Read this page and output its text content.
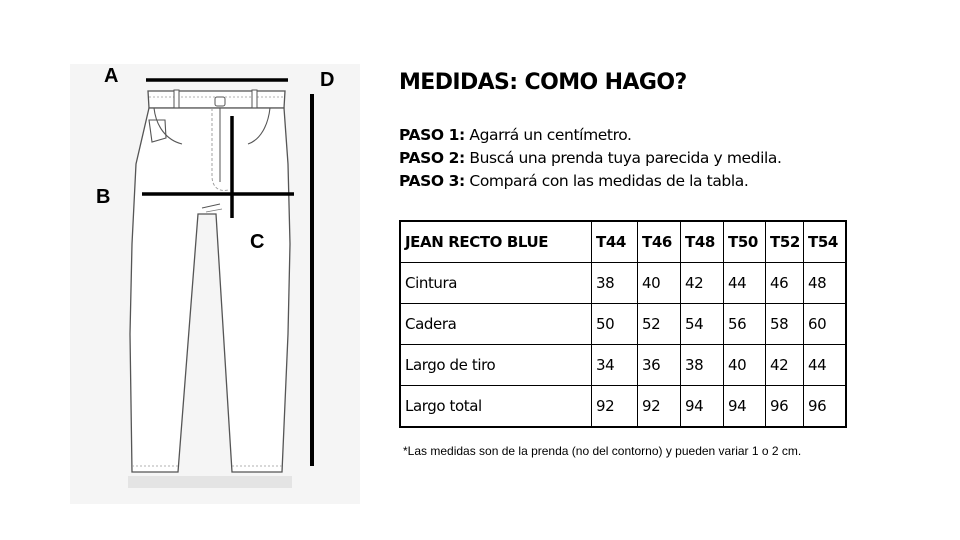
A	D
B
C
MEDIDAS: COMO HAGO?
PASO 1: Agarrá un centímetro.
PASO 2: Buscá una prenda tuya parecida y medila.
PASO 3: Compará con las medidas de la tabla.
JEAN RECTO BLUE	T44	T46	T48	T50	T52	T54
Cintura	38	40	42	44	46	48
Cadera	50	52	54	56	58	60
Largo de tiro	34	36	38	40	42	44
Largo total	92	92	94	94	96	96
*Las medidas son de la prenda (no del contorno) y pueden variar 1 o 2 cm.
